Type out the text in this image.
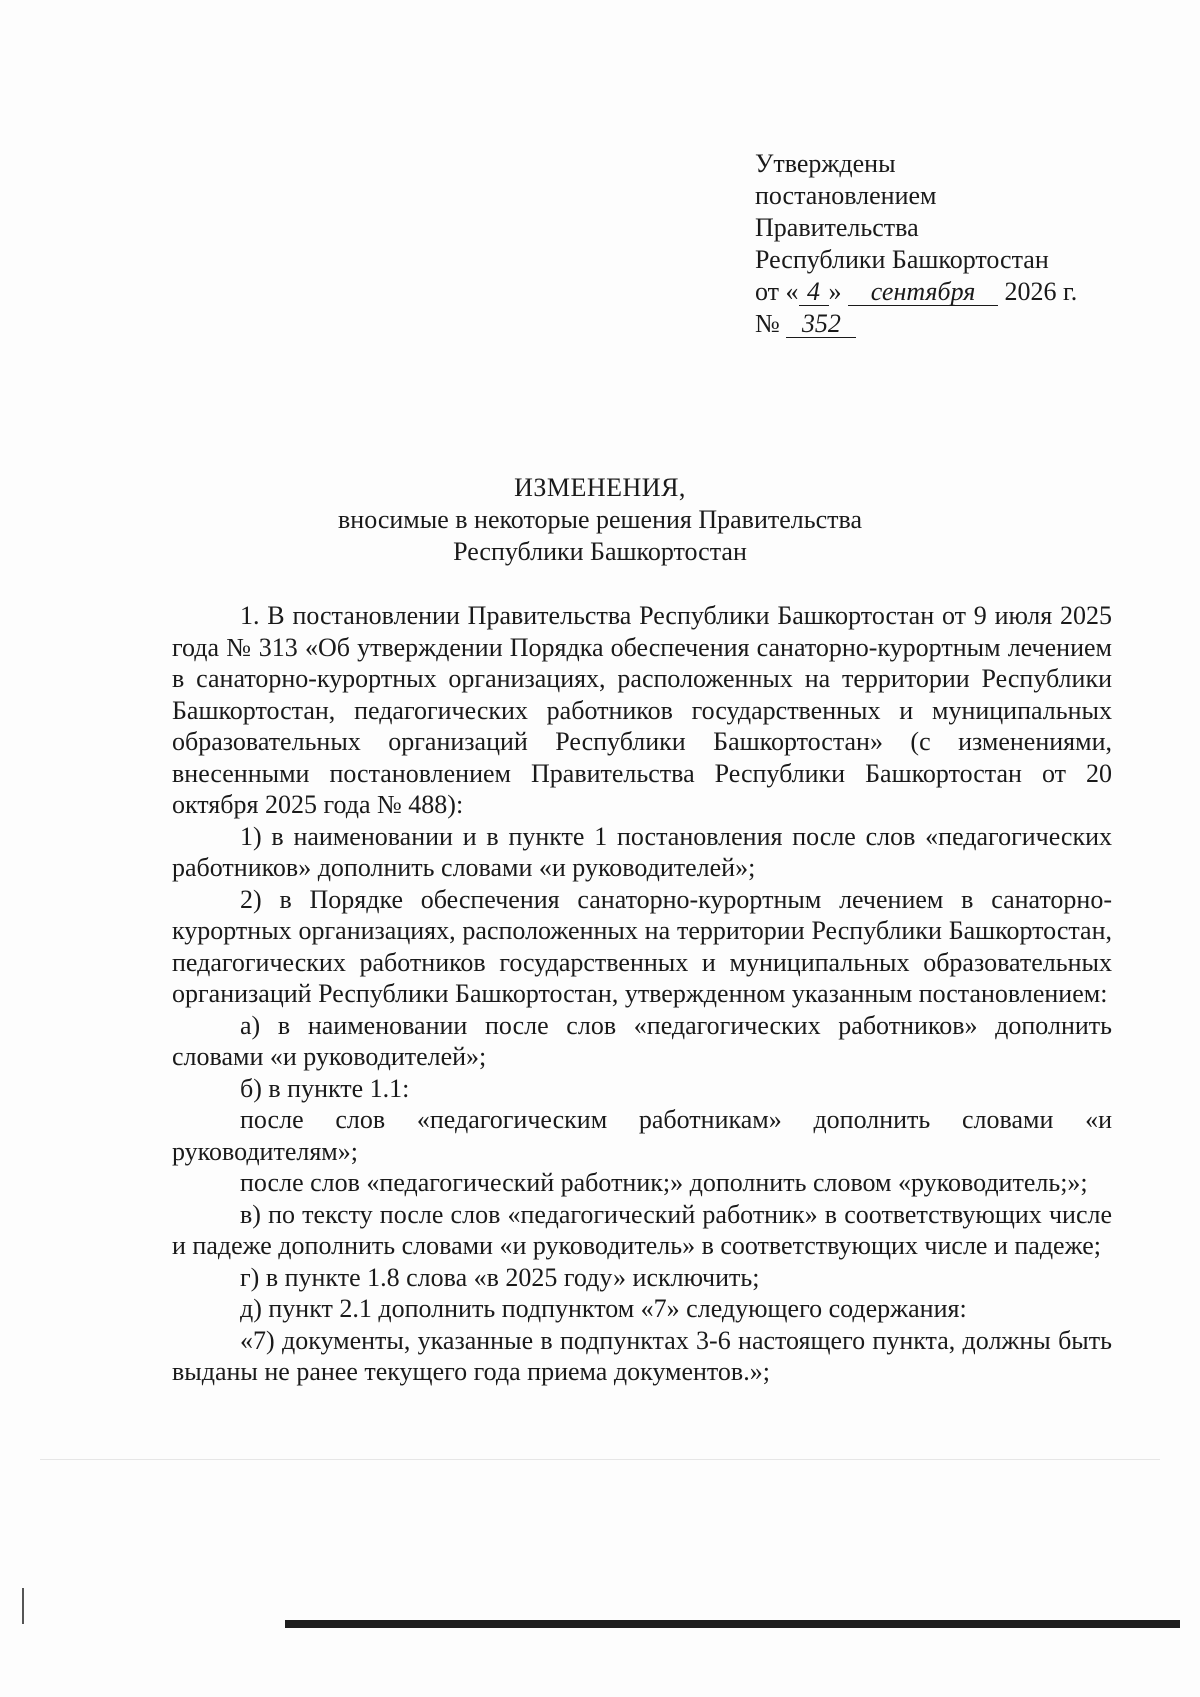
Утверждены
постановлением
Правительства
Республики Башкортостан
от « 4 » сентября 2026 г.
№ 352
ИЗМЕНЕНИЯ,
вносимые в некоторые решения Правительства
Республики Башкортостан

1. В постановлении Правительства Республики Башкортостан от 9 июля 2025 года № 313 «Об утверждении Порядка обеспечения санаторно-курортным лечением в санаторно-курортных организациях, расположенных на территории Республики Башкортостан, педагогических работников государственных и муниципальных образовательных организаций Республики Башкортостан» (с изменениями, внесенными постановлением Правительства Республики Башкортостан от 20 октября 2025 года № 488):

1) в наименовании и в пункте 1 постановления после слов «педагогических работников» дополнить словами «и руководителей»;

2) в Порядке обеспечения санаторно-курортным лечением в санаторно-курортных организациях, расположенных на территории Республики Башкортостан, педагогических работников государственных и муниципальных образовательных организаций Республики Башкортостан, утвержденном указанным постановлением:

а) в наименовании после слов «педагогических работников» дополнить словами «и руководителей»;

б) в пункте 1.1:

после слов «педагогическим работникам» дополнить словами «и руководителям»;

после слов «педагогический работник;» дополнить словом «руководитель;»;

в) по тексту после слов «педагогический работник» в соответствующих числе и падеже дополнить словами «и руководитель» в соответствующих числе и падеже;

г) в пункте 1.8 слова «в 2025 году» исключить;

д) пункт 2.1 дополнить подпунктом «7» следующего содержания:

«7) документы, указанные в подпунктах 3-6 настоящего пункта, должны быть выданы не ранее текущего года приема документов.»;
